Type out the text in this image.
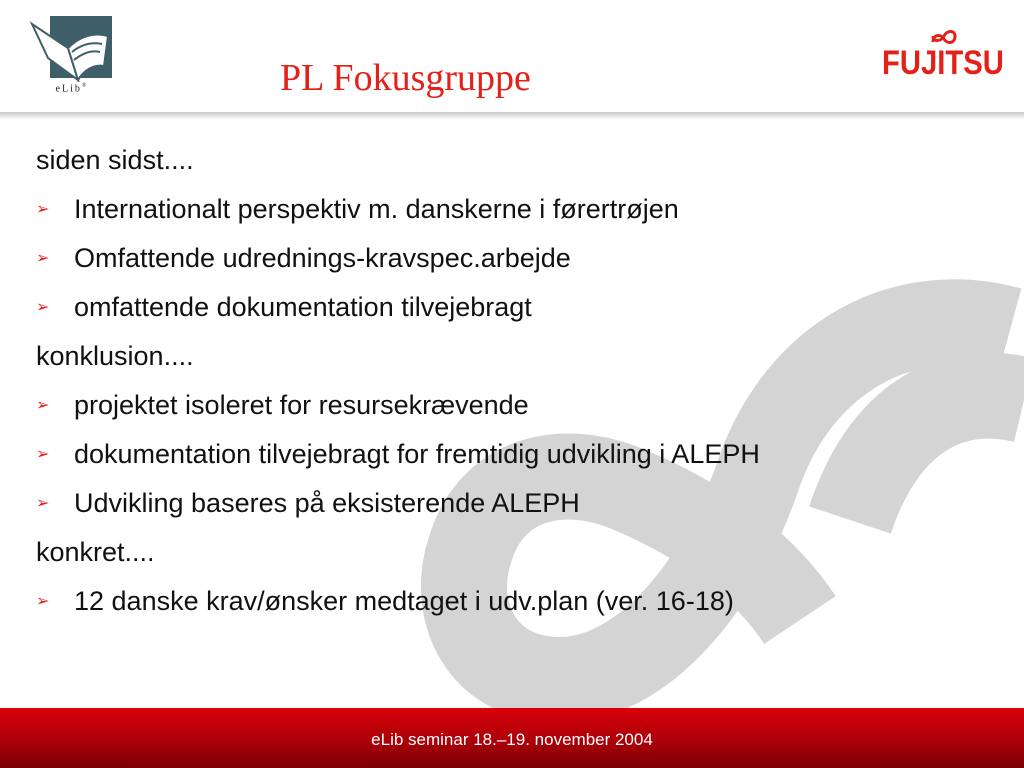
eLib®	PL Fokusgruppe	FUJITSU
siden sidst....
➢ Internationalt perspektiv m. danskerne i førertrøjen
➢ Omfattende udrednings-kravspec.arbejde
➢ omfattende dokumentation tilvejebragt
konklusion....
➢ projektet isoleret for resursekrævende
➢ dokumentation tilvejebragt for fremtidig udvikling i ALEPH
➢ Udvikling baseres på eksisterende ALEPH
konkret....
➢ 12 danske krav/ønsker medtaget i udv.plan (ver. 16-18)
eLib seminar 18.–19. november 2004
